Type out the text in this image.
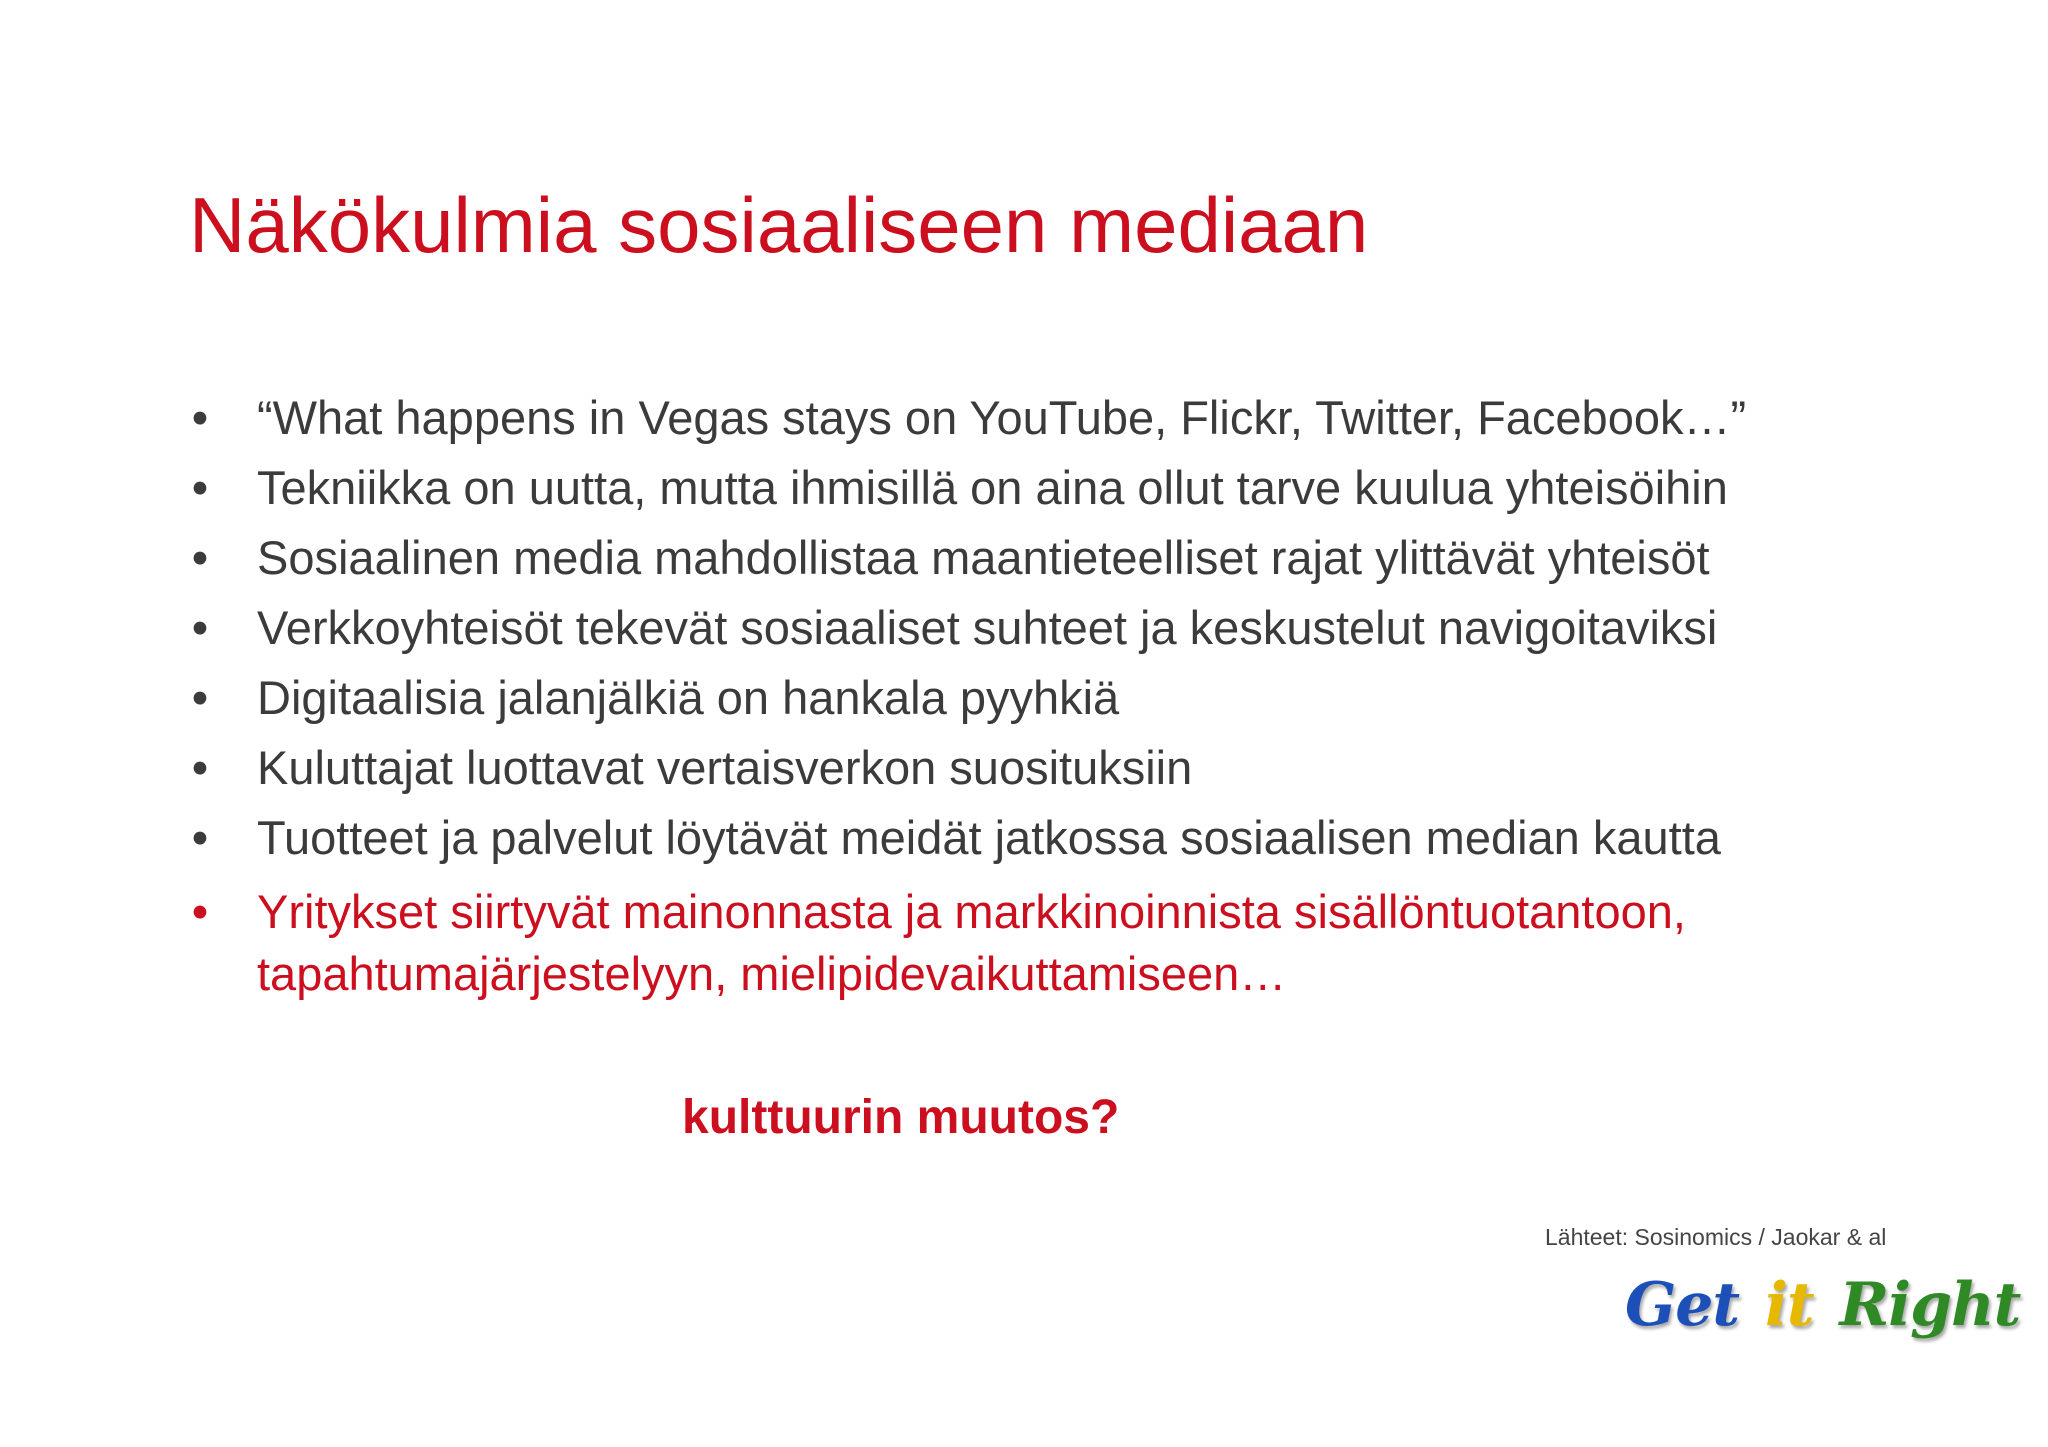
Näkökulmia sosiaaliseen mediaan
• “What happens in Vegas stays on YouTube, Flickr, Twitter, Facebook…”
• Tekniikka on uutta, mutta ihmisillä on aina ollut tarve kuulua yhteisöihin
• Sosiaalinen media mahdollistaa maantieteelliset rajat ylittävät yhteisöt
• Verkkoyhteisöt tekevät sosiaaliset suhteet ja keskustelut navigoitaviksi
• Digitaalisia jalanjälkiä on hankala pyyhkiä
• Kuluttajat luottavat vertaisverkon suosituksiin
• Tuotteet ja palvelut löytävät meidät jatkossa sosiaalisen median kautta
• Yritykset siirtyvät mainonnasta ja markkinoinnista sisällöntuotantoon,
tapahtumajärjestelyyn, mielipidevaikuttamiseen…

kulttuurin muutos?

Lähteet: Sosinomics / Jaokar & al

Get it Right
